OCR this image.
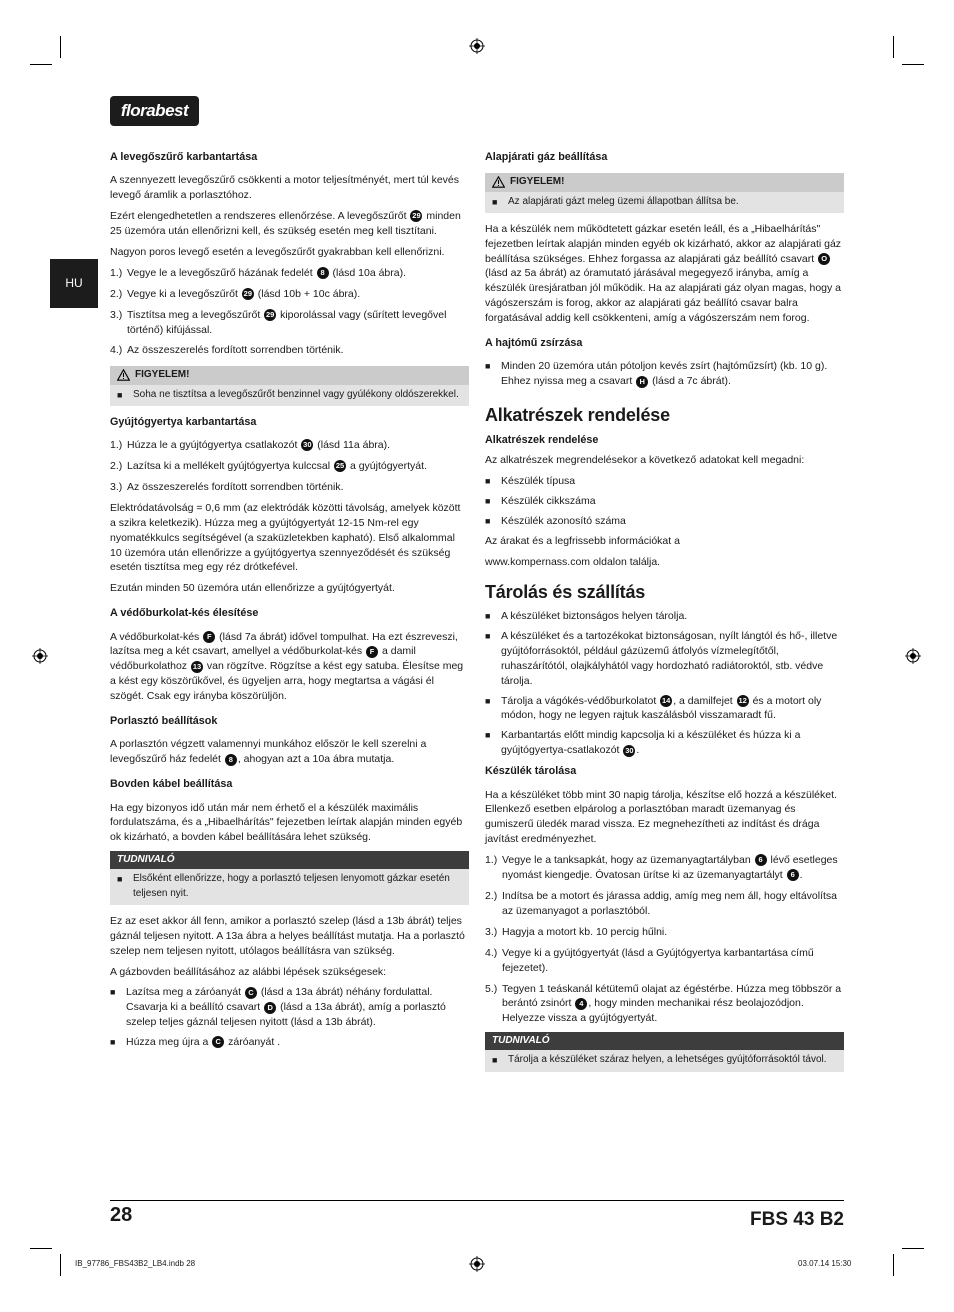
florabest
HU
A levegőszűrő karbantartása

A szennyezett levegőszűrő csökkenti a motor teljesítményét, mert túl kevés levegő áramlik a porlasztóhoz.

Ezért elengedhetetlen a rendszeres ellenőrzése. A levegőszűrőt 29 minden 25 üzemóra után ellenőrizni kell, és szükség esetén meg kell tisztítani.

Nagyon poros levegő esetén a levegőszűrőt gyakrabban kell ellenőrizni.

1.) Vegye le a levegőszűrő házának fedelét 8 (lásd 10a ábra).
2.) Vegye ki a levegőszűrőt 29 (lásd 10b + 10c ábra).
3.) Tisztítsa meg a levegőszűrőt 29 kiporolással vagy (sűrített levegővel történő) kifújással.
4.) Az összeszerelés fordított sorrendben történik.
FIGYELEM!
■	Soha ne tisztítsa a levegőszűrőt benzinnel vagy gyúlékony oldószerekkel.
Gyújtógyertya karbantartása
1.) Húzza le a gyújtógyertya csatlakozót 30 (lásd 11a ábra).
2.) Lazítsa ki a mellékelt gyújtógyertya kulccsal 25 a gyújtógyertyát.
3.) Az összeszerelés fordított sorrendben történik.

Elektródatávolság = 0,6 mm (az elektródák közötti távolság, amelyek között a szikra keletkezik). Húzza meg a gyújtógyertyát 12-15 Nm-rel egy nyomatékkulcs segítségével (a szaküzletekben kapható). Első alkalommal 10 üzemóra után ellenőrizze a gyújtógyertya szennyeződését és szükség esetén tisztítsa meg egy réz drótkefével.

Ezután minden 50 üzemóra után ellenőrizze a gyújtógyertyát.

A védőburkolat-kés élesítése

A védőburkolat-kés F (lásd 7a ábrát) idővel tompulhat. Ha ezt észreveszi, lazítsa meg a két csavart, amellyel a védőburkolat-kés F a damil védőburkolathoz 13 van rögzítve. Rögzítse a kést egy satuba. Élesítse meg a kést egy köszörűkővel, és ügyeljen arra, hogy megtartsa a vágási él szögét. Csak egy irányba köszörüljön.

Porlasztó beállítások

A porlasztón végzett valamennyi munkához először le kell szerelni a levegőszűrő ház fedelét 8 , ahogyan azt a 10a ábra mutatja.

Bovden kábel beállítása

Ha egy bizonyos idő után már nem érhető el a készülék maximális fordulatszáma, és a „Hibaelhárítás" fejezetben leírtak alapján minden egyéb ok kizárható, a bovden kábel beállítására lehet szükség.

TUDNIVALÓ
■	Elsőként ellenőrizze, hogy a porlasztó teljesen lenyomott gázkar esetén teljesen nyit.

Ez az eset akkor áll fenn, amikor a porlasztó szelep (lásd a 13b ábrát) teljes gáznál teljesen nyitott. A 13a ábra a helyes beállítást mutatja. Ha a porlasztó szelep nem teljesen nyitott, utólagos beállításra van szükség.

A gázbovden beállításához az alábbi lépések szükségesek:

■	Lazítsa meg a záróanyát C (lásd a 13a ábrát) néhány fordulattal. Csavarja ki a beállító csavart D (lásd a 13a ábrát), amíg a porlasztó szelep teljes gáznál teljesen nyitott (lásd a 13b ábrát).
■	Húzza meg újra a C záróanyát .
Alapjárati gáz beállítása
FIGYELEM!
■	Az alapjárati gázt meleg üzemi állapotban állítsa be.

Ha a készülék nem működtetett gázkar esetén leáll, és a „Hibaelhárítás" fejezetben leírtak alapján minden egyéb ok kizárható, akkor az alapjárati gáz beállítása szükséges. Ehhez forgassa az alapjárati gáz beállító csavart O (lásd az 5a ábrát) az óramutató járásával megegyező irányba, amíg a készülék üresjáratban jól működik. Ha az alapjárati gáz olyan magas, hogy a vágószerszám is forog, akkor az alapjárati gáz beállító csavar balra forgatásával addig kell csökkenteni, amíg a vágószerszám nem forog.

A hajtómű zsírzása
■	Minden 20 üzemóra után pótoljon kevés zsírt (hajtóműzsírt) (kb. 10 g). Ehhez nyissa meg a csavart H (lásd a 7c ábrát).
Alkatrészek rendelése
Alkatrészek rendelése

Az alkatrészek megrendelésekor a következő adatokat kell megadni:

■	Készülék típusa
■	Készülék cikkszáma
■	Készülék azonosító száma

Az árakat és a legfrissebb információkat a

www.kompernass.com oldalon találja.

Tárolás és szállítás
■	A készüléket biztonságos helyen tárolja.
■	A készüléket és a tartozékokat biztonságosan, nyílt lángtól és hő-, illetve gyújtóforrásoktól, például gázüzemű átfolyós vízmelegítőtől, ruhaszárítótól, olajkályhától vagy hordozható radiátoroktól, stb. védve tárolja.
■	Tárolja a vágókés-védőburkolatot 14 , a damilfejet 12 és a motort oly módon, hogy ne legyen rajtuk kaszálásból visszamaradt fű.
■	Karbantartás előtt mindig kapcsolja ki a készüléket és húzza ki a gyújtógyertya-csatlakozót 30 .
Készülék tárolása

Ha a készüléket több mint 30 napig tárolja, készítse elő hozzá a készüléket. Ellenkező esetben elpárolog a porlasztóban maradt üzemanyag és gumiszerű üledék marad vissza. Ez megnehezítheti az indítást és drága javítást eredményezhet.

1.) Vegye le a tanksapkát, hogy az üzemanyagtartályban 6 lévő esetleges nyomást kiengedje. Óvatosan ürítse ki az üzemanyagtartályt 6 .
2.) Indítsa be a motort és járassa addig, amíg meg nem áll, hogy eltávolítsa az üzemanyagot a porlasztóból.
3.) Hagyja a motort kb. 10 percig hűlni.
4.) Vegye ki a gyújtógyertyát (lásd a Gyújtógyertya karbantartása című fejezetet).
5.) Tegyen 1 teáskanál kétütemű olajat az égéstérbe. Húzza meg többször a berántó zsinórt 4 , hogy minden mechanikai rész beolajozódjon. Helyezze vissza a gyújtógyertyát.
TUDNIVALÓ
■	Tárolja a készüléket száraz helyen, a lehetséges gyújtóforrásoktól távol.
28	FBS 43 B2
IB_97786_FBS43B2_LB4.indb 28	03.07.14 15:30
